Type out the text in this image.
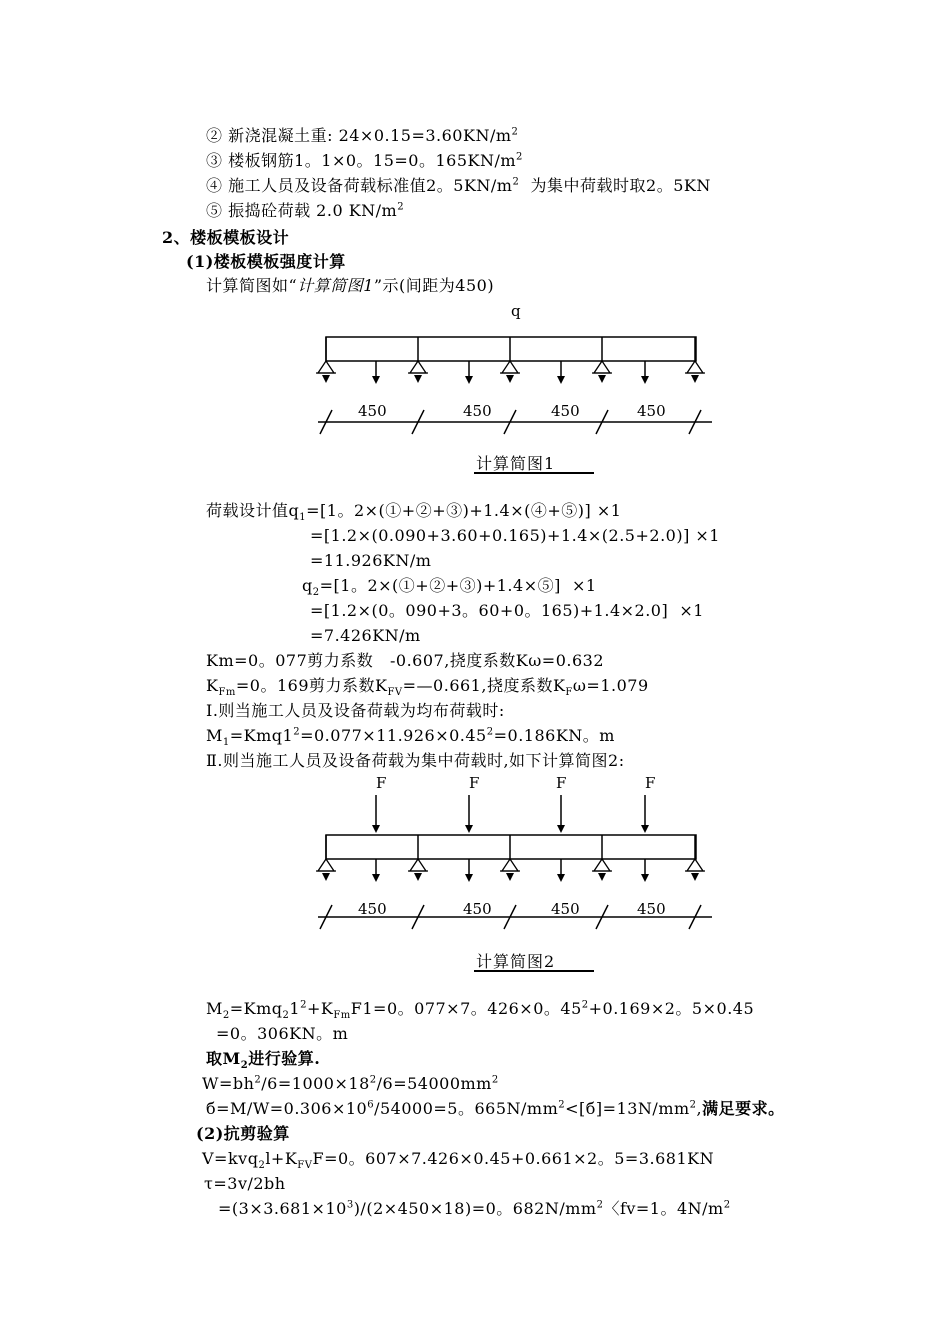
② 新浇混凝土重: $24\times 0.15=3.60KN/m^2$
③ 楼板钢筋1。1×0。15=0。$165KN/m^2$
④ 施工人员及设备荷载标准值2。$5KN/m^2$  为集中荷载时取2。5KN
⑤ 振捣砼荷载 2.0 $KN/m^2$
2、楼板模板设计
(1)楼板模板强度计算
计算简图如“计算简图1”示(间距为450)
q
450	450	450	450
计算简图1
荷载设计值$q_1=[1$。2×(①+②+③)+1.4×(④+⑤)] ×1
=[1.2×(0.090+3.60+0.165)+1.4×(2.5+2.0)] ×1
=11.926KN/m
$q_2=[1$。2×(①+②+③)+1.4×⑤]  ×1
=[1.2×(0。090+3。60+0。165)+1.4×2.0]  ×1
=7.426KN/m
Km=0。077剪力系数   -0.607,挠度系数Kω=0.632
$K_{Fm}=0$。169剪力系数$K_{FV}=—0.661$,挠度系数$K_F\omega=1.079$
Ⅰ.则当施工人员及设备荷载为均布荷载时:
$M_1=Kmq1^2=0.077\times 11.926\times 0.45^2=0.186KN$。m
Ⅱ.则当施工人员及设备荷载为集中荷载时,如下计算简图2:
F	F	F	F
450	450	450	450
计算简图2
$M_2=Kmq_21^2+K_{Fm}F1=0$。077×7。426×0。$45^2+0.169\times 2$。5×0.45
=0。306KN。m
取$M_2$进行验算.
$W=bh^2/6=1000\times 18^2/6=54000mm^2$
$б=M/W=0.306\times 10^6/54000=5$。$665N/mm^2<[б]=13N/mm^2$,满足要求。
(2)抗剪验算
$V=kvq_2l+K_{FV}F=0$。607×7.426×0.45+0.661×2。5=3.681KN
τ=3v/2bh
$=(3\times 3.681\times 10^3)/(2\times 450\times 18)=0$。$682N/mm^2$〈fv=1。$4N/m^2$
